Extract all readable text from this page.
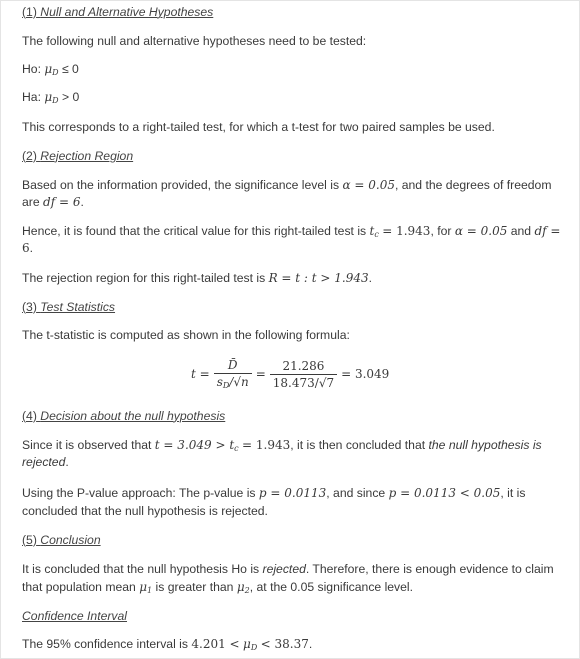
(1) Null and Alternative Hypotheses
The following null and alternative hypotheses need to be tested:
Ho: $\mu_D \le 0$
Ha: $\mu_D > 0$
This corresponds to a right-tailed test, for which a t-test for two paired samples be used.
(2) Rejection Region
Based on the information provided, the significance level is α = 0.05, and the degrees of freedom
are df = 6.
Hence, it is found that the critical value for this right-tailed test is $t_c = 1.943$, for α = 0.05 and df =
6.
The rejection region for this right-tailed test is R = t : t > 1.943.
(3) Test Statistics
The t-statistic is computed as shown in the following formula:
$t = \frac{D̄}{s_D/√n} = \frac{21.286}{18.473/√7} = 3.049$
(4) Decision about the null hypothesis
Since it is observed that $t = 3.049 > t_c = 1.943$, it is then concluded that the null hypothesis is
rejected.
Using the P-value approach: The p-value is p = 0.0113, and since p = 0.0113 < 0.05, it is
concluded that the null hypothesis is rejected.
(5) Conclusion
It is concluded that the null hypothesis Ho is rejected. Therefore, there is enough evidence to claim
that population mean $\mu_1$ is greater than $\mu_2$, at the 0.05 significance level.
Confidence Interval
The 95% confidence interval is $4.201 < \mu_D < 38.37$.
